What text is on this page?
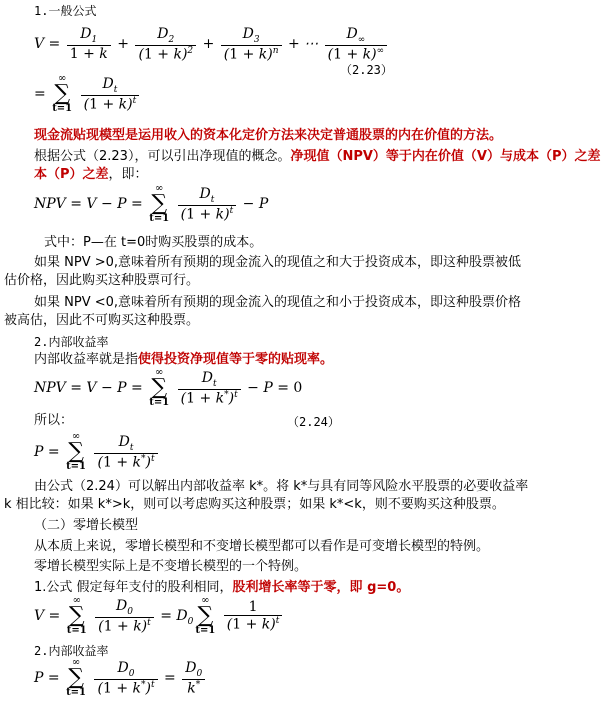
1.一般公式
$V = \frac{D_1}{1 + k} + \frac{D_2}{(1 + k)^2} + \frac{D_3}{(1 + k)^n}$ + ⋯ $\frac{D_\infty}{(1 + k)^\infty}$
（2.23）
=
∞
∑
t=1
$\frac{D_t}{(1 + k)^t}$
现金流贴现模型是运用收入的资本化定价方法来决定普通股票的内在价值的方法。
根据公式（2.23），可以引出净现值的概念。净现值（NPV）等于内在价值（V）与成本（P）之差
本（P）之差，即：
NPV = V − P =
∞
∑
t=1
$\frac{D_t}{(1 + k)^t} - P$
式中：P—在 t=0时购买股票的成本。
如果 NPV >0,意味着所有预期的现金流入的现值之和大于投资成本，即这种股票被低
估价格，因此购买这种股票可行。
如果 NPV <0,意味着所有预期的现金流入的现值之和小于投资成本，即这种股票价格
被高估，因此不可购买这种股票。
2.内部收益率
内部收益率就是指使得投资净现值等于零的贴现率。
NPV = V − P =
∞
∑
t=1
$\frac{D_t}{(1 + k^*)^t} - P = 0$
所以：	（2.24）
P =
∞
∑
t=1
$\frac{D_t}{(1 + k^*)^t}$
由公式（2.24）可以解出内部收益率 k*。将 k*与具有同等风险水平股票的必要收益率
k 相比较：如果 k*>k，则可以考虑购买这种股票；如果 k*<k，则不要购买这种股票。
（二）零增长模型
从本质上来说，零增长模型和不变增长模型都可以看作是可变增长模型的特例。
零增长模型实际上是不变增长模型的一个特例。
1.公式 假定每年支付的股利相同，股利增长率等于零，即 g=0。
V =
∞
∑
t=1
$\frac{D_0}{(1 + k)^t} = D_0$
∞
∑
t=1
$\frac{1}{(1 + k)^t}$
2.内部收益率
P =
∞
∑
t=1
$\frac{D_0}{(1 + k^*)^t} = \frac{D_0}{k^*}$
